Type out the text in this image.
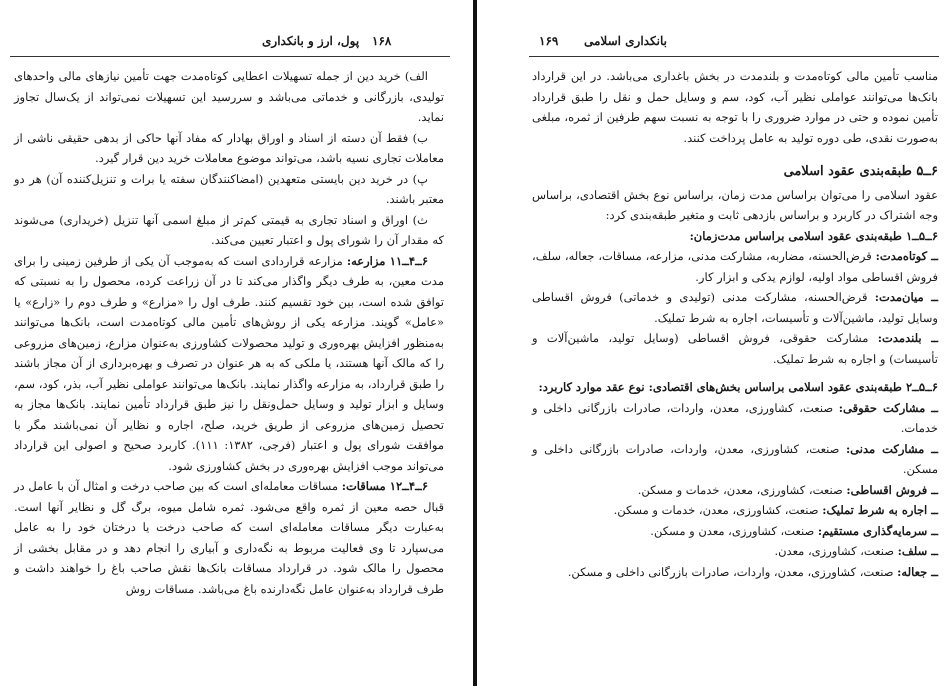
۱۶۸
پول، ارز و بانکداری

الف) خرید دین از جمله تسهیلات اعطایی کوتاه‌مدت جهت تأمین نیازهای مالی واحدهای تولیدی، بازرگانی و خدماتی می‌باشد و سررسید این تسهیلات نمی‌تواند از یک‌سال تجاوز نماید.

ب) فقط آن دسته از اسناد و اوراق بهادار که مفاد آنها حاکی از بدهی حقیقی ناشی از معاملات تجاری نسیه باشد، می‌تواند موضوع معاملات خرید دین قرار گیرد.

پ) در خرید دین بایستی متعهدین (امضاکنندگان سفته یا برات و تنزیل‌کننده آن) هر دو معتبر باشند.

ث) اوراق و اسناد تجاری به قیمتی کم‌تر از مبلغ اسمی آنها تنزیل (خریداری) می‌شوند که مقدار آن را شورای پول و اعتبار تعیین می‌کند.

۶ــ۴ــ۱۱ مزارعه: مزارعه قراردادی است که به‌موجب آن یکی از طرفین زمینی را برای مدت معین، به طرف دیگر واگذار می‌کند تا در آن زراعت کرده، محصول را به نسبتی که توافق شده است، بین خود تقسیم کنند. طرف اول را «مزارع» و طرف دوم را «زارع» یا «عامل» گویند. مزارعه یکی از روش‌های تأمین مالی کوتاه‌مدت است، بانک‌ها می‌توانند به‌منظور افزایش بهره‌وری و تولید محصولات کشاورزی به‌عنوان مزارع، زمین‌های مزروعی را که مالک آنها هستند، یا ملکی که به هر عنوان در تصرف و بهره‌برداری از آن مجاز باشند را طبق قرارداد، به مزارعه واگذار نمایند. بانک‌ها می‌توانند عواملی نظیر آب، بذر، کود، سم، وسایل و ابزار تولید و وسایل حمل‌ونقل را نیز طبق قرارداد تأمین نمایند. بانک‌ها مجاز به تحصیل زمین‌های مزروعی از طریق خرید، صلح، اجاره و نظایر آن نمی‌باشند مگر با موافقت شورای پول و اعتبار (فرجی، ۱۳۸۲: ۱۱۱). کاربرد صحیح و اصولی این قرارداد می‌تواند موجب افزایش بهره‌وری در بخش کشاورزی شود.

۶ــ۴ــ۱۲ مساقات: مساقات معامله‌ای است که بین صاحب درخت و امثال آن با عامل در قبال حصه معین از ثمره واقع می‌شود. ثمره شامل میوه، برگ گل و نظایر آنها است. به‌عبارت دیگر مساقات معامله‌ای است که صاحب درخت یا درختان خود را به عامل می‌سپارد تا وی فعالیت مربوط به نگه‌داری و آبیاری را انجام دهد و در مقابل بخشی از محصول را مالک شود. در قرارداد مساقات بانک‌ها نقش صاحب باغ را خواهند داشت و طرف قرارداد به‌عنوان عامل نگه‌دارنده باغ می‌باشد. مساقات روش

۱۶۹ بانکداری اسلامی

مناسب تأمین مالی کوتاه‌مدت و بلندمدت در بخش باغداری می‌باشد. در این قرارداد بانک‌ها می‌توانند عواملی نظیر آب، کود، سم و وسایل حمل و نقل را طبق قرارداد تأمین نموده و حتی در موارد ضروری را با توجه به نسبت سهم طرفین از ثمره، مبلغی به‌صورت نقدی، طی دوره تولید به عامل پرداخت کنند.

۶ــ۵ طبقه‌بندی عقود اسلامی

عقود اسلامی را می‌توان براساس مدت زمان، براساس نوع بخش اقتصادی، براساس وجه اشتراک در کاربرد و براساس بازدهی ثابت و متغیر طبقه‌بندی کرد:

۶ــ۵ــ۱ طبقه‌بندی عقود اسلامی براساس مدت‌زمان:

ــ کوتاه‌مدت: قرض‌الحسنه، مضاربه، مشارکت مدنی، مزارعه، مساقات، جعاله، سلف، فروش اقساطی مواد اولیه، لوازم یدکی و ابزار کار.

ــ میان‌مدت: قرض‌الحسنه، مشارکت مدنی (تولیدی و خدماتی) فروش اقساطی وسایل تولید، ماشین‌آلات و تأسیسات، اجاره به شرط تملیک.

ــ بلندمدت: مشارکت حقوقی، فروش اقساطی (وسایل تولید، ماشین‌آلات و تأسیسات) و اجاره به شرط تملیک.

۶ــ۵ــ۲ طبقه‌بندی عقود اسلامی براساس بخش‌های اقتصادی: نوع عقد موارد کاربرد:

ــ مشارکت حقوقی: صنعت، کشاورزی، معدن، واردات، صادرات بازرگانی داخلی و خدمات.

ــ مشارکت مدنی: صنعت، کشاورزی، معدن، واردات، صادرات بازرگانی داخلی و مسکن.

ــ فروش اقساطی: صنعت، کشاورزی، معدن، خدمات و مسکن.

ــ اجاره به شرط تملیک: صنعت، کشاورزی، معدن، خدمات و مسکن.

ــ سرمایه‌گذاری مستقیم: صنعت، کشاورزی، معدن و مسکن.

ــ سلف: صنعت، کشاورزی، معدن.

ــ جعاله: صنعت، کشاورزی، معدن، واردات، صادرات بازرگانی داخلی و مسکن.
